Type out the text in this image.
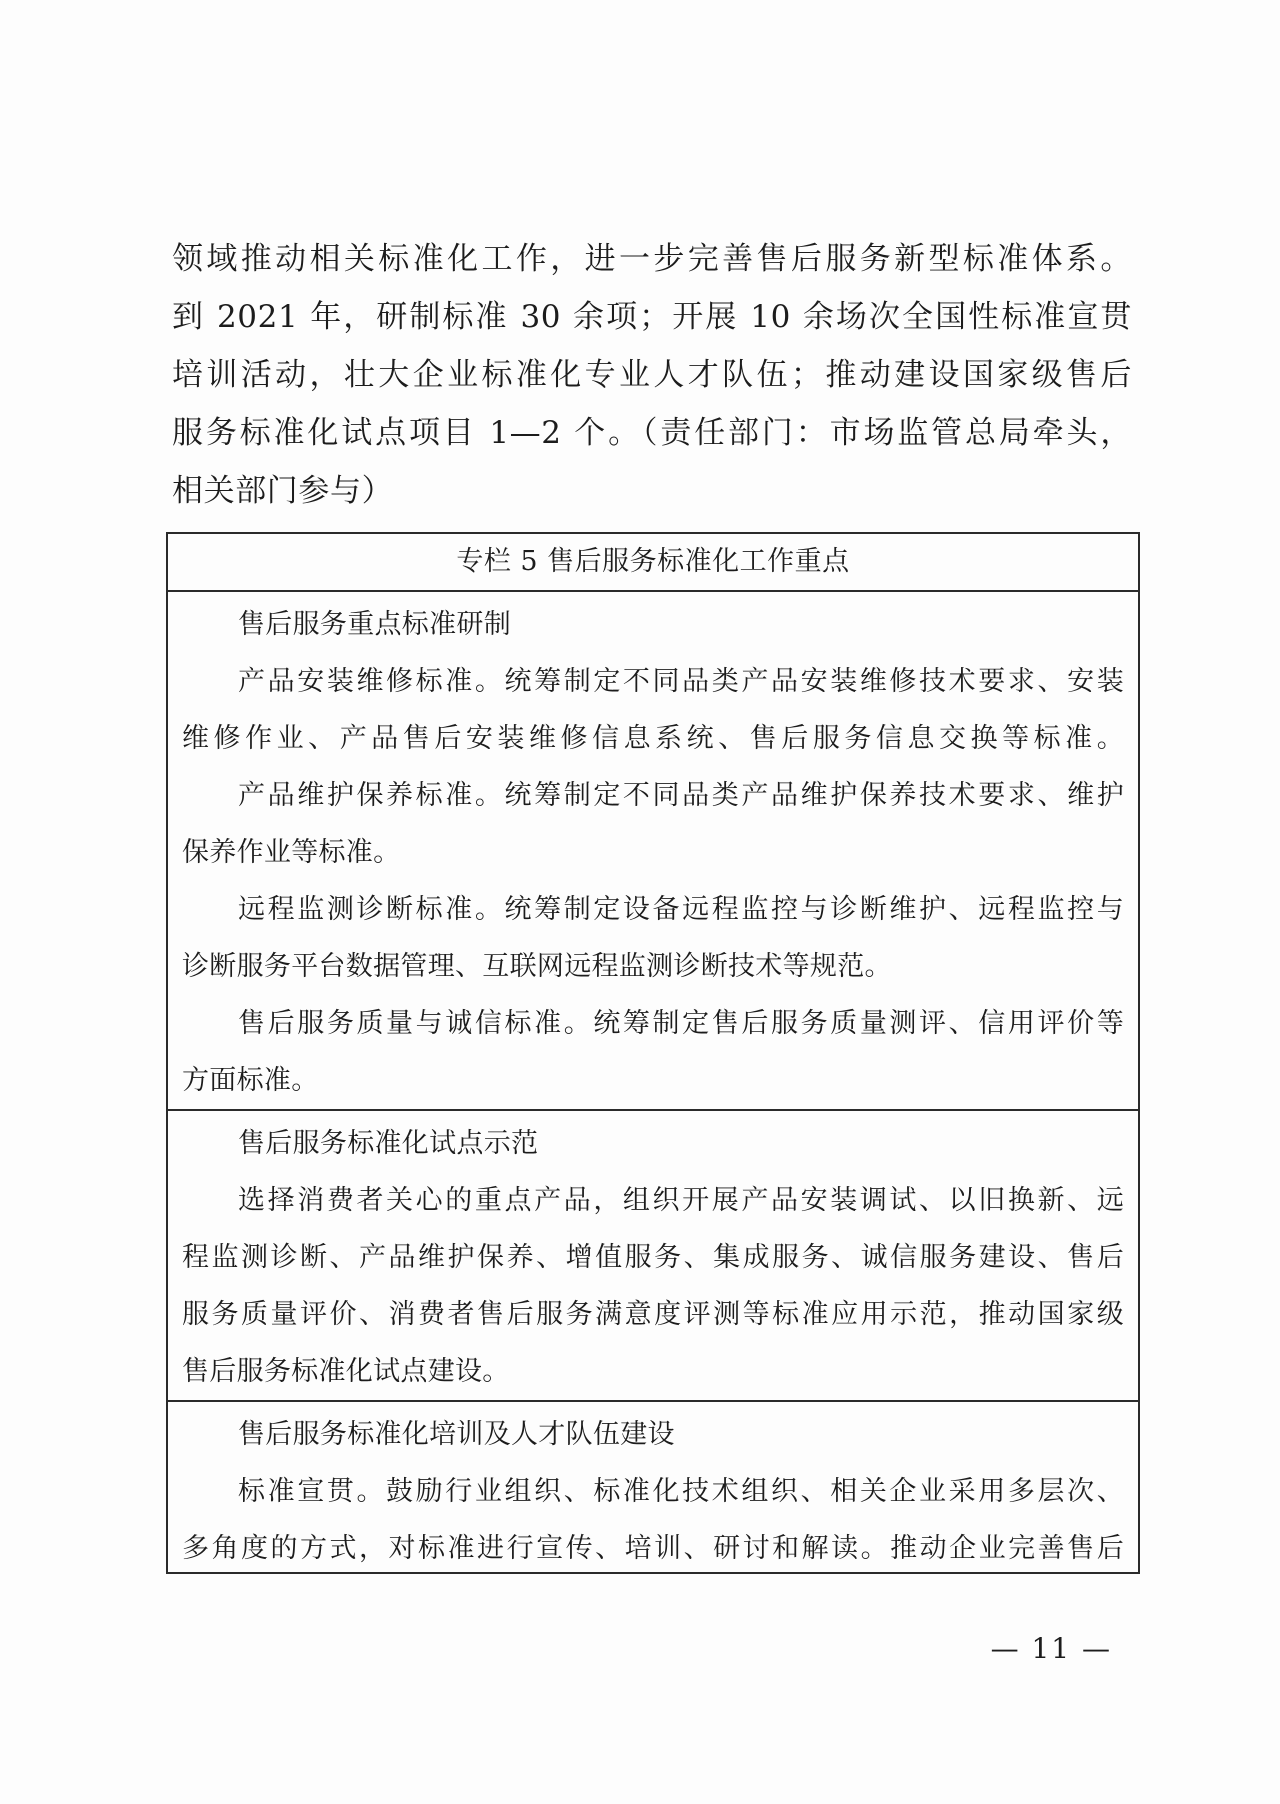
领域推动相关标准化工作，进一步完善售后服务新型标准体系。
到 2021 年，研制标准 30 余项；开展 10 余场次全国性标准宣贯
培训活动，壮大企业标准化专业人才队伍；推动建设国家级售后
服务标准化试点项目 1—2 个。（责任部门：市场监管总局牵头，
相关部门参与）
专栏 5 售后服务标准化工作重点
售后服务重点标准研制
产品安装维修标准。统筹制定不同品类产品安装维修技术要求、安装
维修作业、产品售后安装维修信息系统、售后服务信息交换等标准。
产品维护保养标准。统筹制定不同品类产品维护保养技术要求、维护
保养作业等标准。
远程监测诊断标准。统筹制定设备远程监控与诊断维护、远程监控与
诊断服务平台数据管理、互联网远程监测诊断技术等规范。
售后服务质量与诚信标准。统筹制定售后服务质量测评、信用评价等
方面标准。
售后服务标准化试点示范
选择消费者关心的重点产品，组织开展产品安装调试、以旧换新、远
程监测诊断、产品维护保养、增值服务、集成服务、诚信服务建设、售后
服务质量评价、消费者售后服务满意度评测等标准应用示范，推动国家级
售后服务标准化试点建设。
售后服务标准化培训及人才队伍建设
标准宣贯。鼓励行业组织、标准化技术组织、相关企业采用多层次、
多角度的方式，对标准进行宣传、培训、研讨和解读。推动企业完善售后
— 11 —
